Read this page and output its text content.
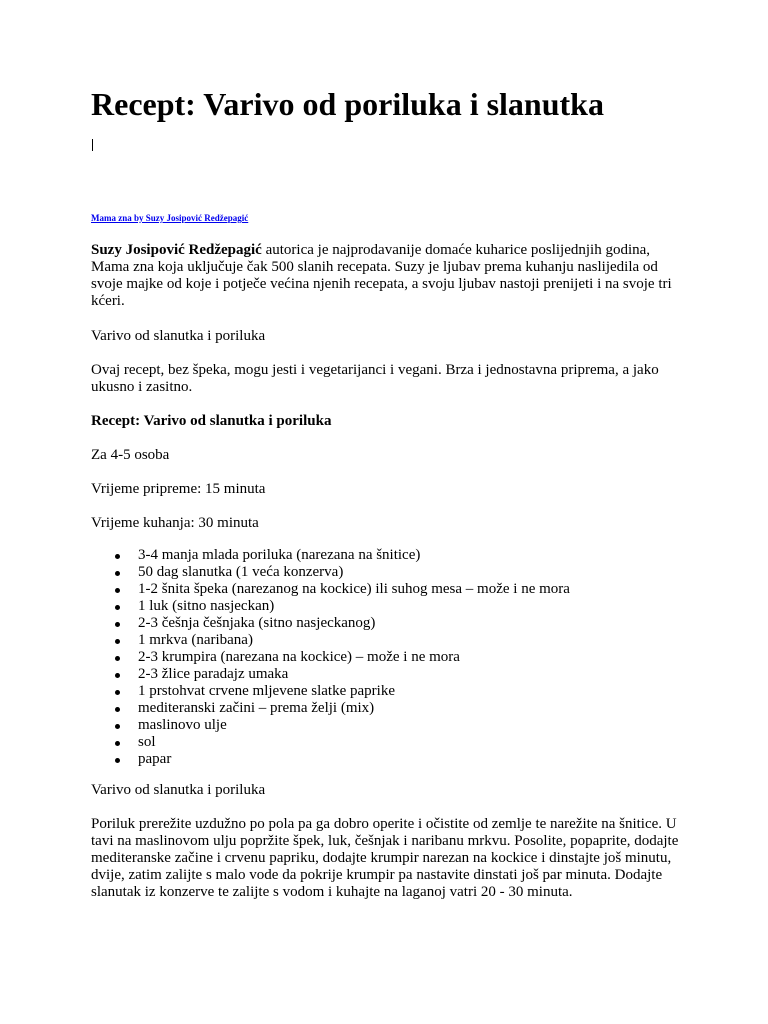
Recept: Varivo od poriluka i slanutka
Mama zna by Suzy Josipović Redžepagić

Suzy Josipović Redžepagić autorica je najprodavanije domaće kuharice poslijednjih godina, Mama zna koja uključuje čak 500 slanih recepata. Suzy je ljubav prema kuhanju naslijedila od svoje majke od koje i potječe većina njenih recepata, a svoju ljubav nastoji prenijeti i na svoje tri kćeri.

Varivo od slanutka i poriluka

Ovaj recept, bez špeka, mogu jesti i vegetarijanci i vegani. Brza i jednostavna priprema, a jako ukusno i zasitno.

Recept: Varivo od slanutka i poriluka

Za 4-5 osoba

Vrijeme pripreme: 15 minuta

Vrijeme kuhanja: 30 minuta

3-4 manja mlada poriluka (narezana na šnitice)
50 dag slanutka (1 veća konzerva)
1-2 šnita špeka (narezanog na kockice) ili suhog mesa – može i ne mora
1 luk (sitno nasjeckan)
2-3 češnja češnjaka (sitno nasjeckanog)
1 mrkva (naribana)
2-3 krumpira (narezana na kockice) – može i ne mora
2-3 žlice paradajz umaka
1 prstohvat crvene mljevene slatke paprike
mediteranski začini – prema želji (mix)
maslinovo ulje
sol
papar

Varivo od slanutka i poriluka

Poriluk prerežite uzdužno po pola pa ga dobro operite i očistite od zemlje te narežite na šnitice. U tavi na maslinovom ulju popržite špek, luk, češnjak i naribanu mrkvu. Posolite, popaprite, dodajte mediteranske začine i crvenu papriku, dodajte krumpir narezan na kockice i dinstajte još minutu, dvije, zatim zalijte s malo vode da pokrije krumpir pa nastavite dinstati još par minuta. Dodajte slanutak iz konzerve te zalijte s vodom i kuhajte na laganoj vatri 20 - 30 minuta.
